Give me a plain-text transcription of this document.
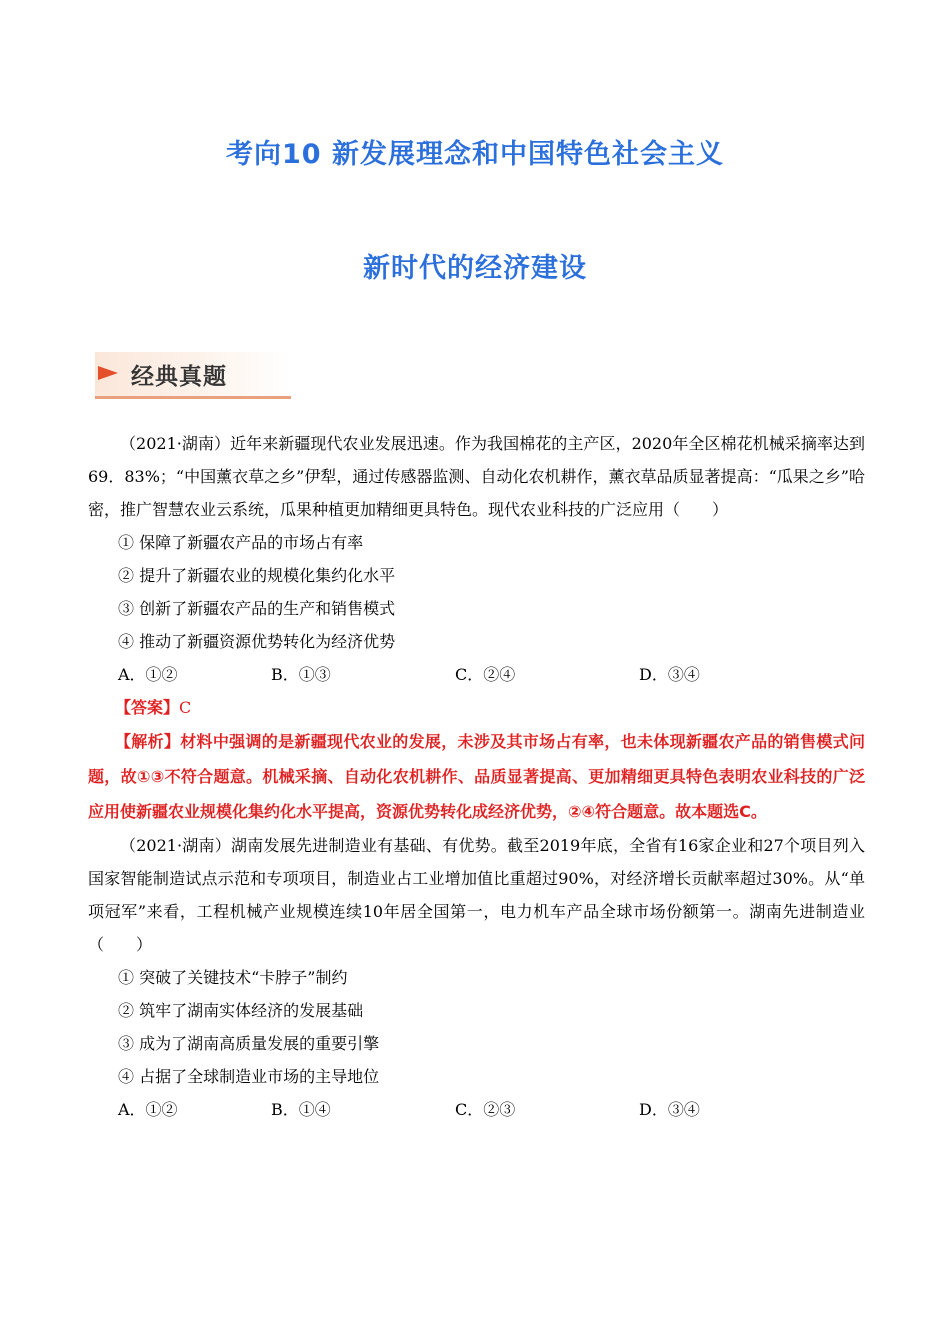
考向10 新发展理念和中国特色社会主义
新时代的经济建设
经典真题

（2021·湖南）近年来新疆现代农业发展迅速。作为我国棉花的主产区，2020年全区棉花机械采摘率达到69．83%；“中国薰衣草之乡”伊犁，通过传感器监测、自动化农机耕作，薰衣草品质显著提高：“瓜果之乡”哈密，推广智慧农业云系统，瓜果种植更加精细更具特色。现代农业科技的广泛应用（　　）

① 保障了新疆农产品的市场占有率

② 提升了新疆农业的规模化集约化水平

③ 创新了新疆农产品的生产和销售模式

④ 推动了新疆资源优势转化为经济优势

A．①②	B．①③	C．②④	D．③④

【答案】C

【解析】材料中强调的是新疆现代农业的发展，未涉及其市场占有率，也未体现新疆农产品的销售模式问题，故①③不符合题意。机械采摘、自动化农机耕作、品质显著提高、更加精细更具特色表明农业科技的广泛应用使新疆农业规模化集约化水平提高，资源优势转化成经济优势，②④符合题意。故本题选C。

（2021·湖南）湖南发展先进制造业有基础、有优势。截至2019年底，全省有16家企业和27个项目列入国家智能制造试点示范和专项项目，制造业占工业增加值比重超过90%，对经济增长贡献率超过30%。从“单项冠军”来看，工程机械产业规模连续10年居全国第一，电力机车产品全球市场份额第一。湖南先进制造业（　　）

① 突破了关键技术“卡脖子”制约

② 筑牢了湖南实体经济的发展基础

③ 成为了湖南高质量发展的重要引擎

④ 占据了全球制造业市场的主导地位

A．①②	B．①④	C．②③	D．③④
